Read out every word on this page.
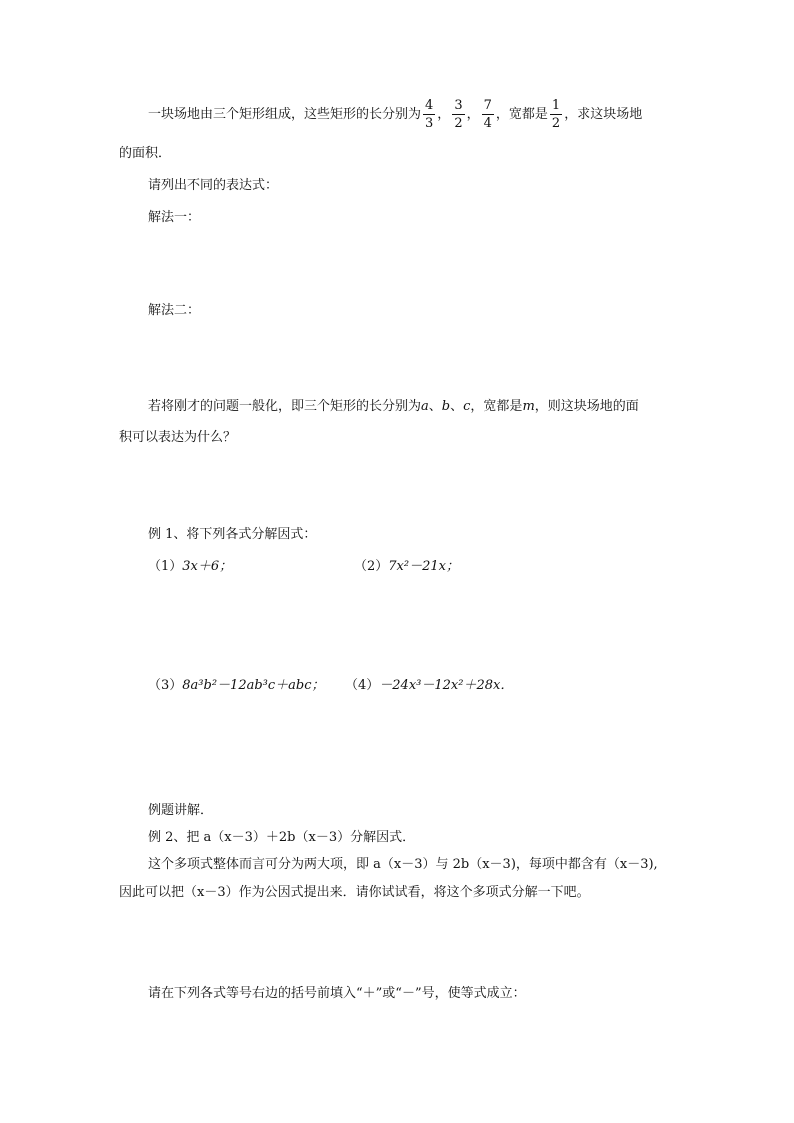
一块场地由三个矩形组成，这些矩形的长分别为 $\frac{4}{3}$ ， $\frac{3}{2}$ ， $\frac{7}{4}$ ，宽都是 $\frac{1}{2}$ ，求这块场地
的面积．
请列出不同的表达式：
解法一：
解法二：
若将刚才的问题一般化，即三个矩形的长分别为a、b、c，宽都是m，则这块场地的面
积可以表达为什么？
例 1、将下列各式分解因式：
（1）3x＋6；	（2）7x²－21x；
（3）8a³b²－12ab³c＋abc； （4）－24x³－12x²＋28x．
例题讲解．
例 2、把 a（x－3）＋2b（x－3）分解因式．
这个多项式整体而言可分为两大项，即 a（x－3）与 2b（x－3)，每项中都含有（x－3),
因此可以把（x－3）作为公因式提出来．请你试试看，将这个多项式分解一下吧。
请在下列各式等号右边的括号前填入“＋”或“－”号，使等式成立：
